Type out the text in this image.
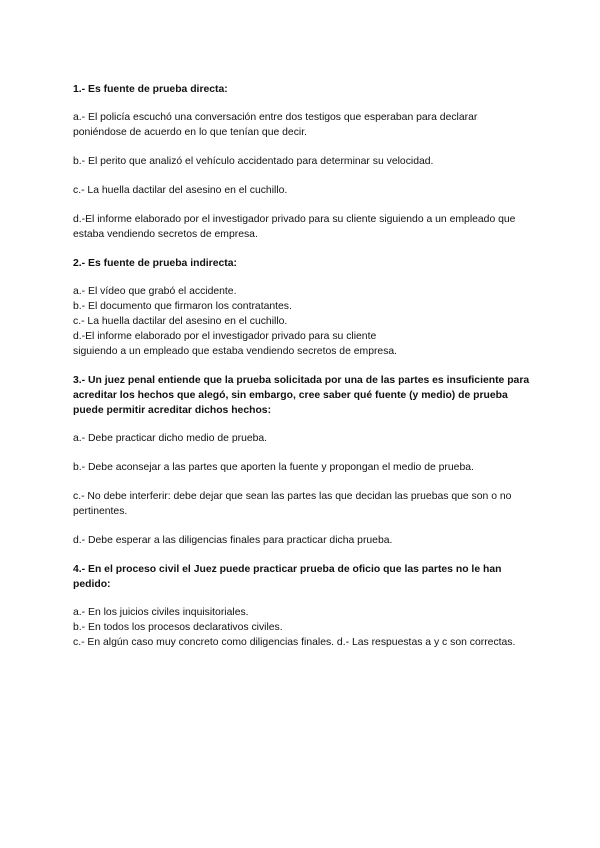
1.- Es fuente de prueba directa:

a.- El policía escuchó una conversación entre dos testigos que esperaban para declarar poniéndose de acuerdo en lo que tenían que decir.

b.- El perito que analizó el vehículo accidentado para determinar su velocidad.

c.- La huella dactilar del asesino en el cuchillo.

d.-El informe elaborado por el investigador privado para su cliente siguiendo a un empleado que estaba vendiendo secretos de empresa.

2.- Es fuente de prueba indirecta:

a.- El vídeo que grabó el accidente.

b.- El documento que firmaron los contratantes.

c.- La huella dactilar del asesino en el cuchillo.

d.-El informe elaborado por el investigador privado para su cliente

siguiendo a un empleado que estaba vendiendo secretos de empresa.

3.- Un juez penal entiende que la prueba solicitada por una de las partes es insuficiente para acreditar los hechos que alegó, sin embargo, cree saber qué fuente (y medio) de prueba puede permitir acreditar dichos hechos:

a.- Debe practicar dicho medio de prueba.

b.- Debe aconsejar a las partes que aporten la fuente y propongan el medio de prueba.

c.- No debe interferir: debe dejar que sean las partes las que decidan las pruebas que son o no pertinentes.

d.- Debe esperar a las diligencias finales para practicar dicha prueba.

4.- En el proceso civil el Juez puede practicar prueba de oficio que las partes no le han pedido:

a.- En los juicios civiles inquisitoriales.

b.- En todos los procesos declarativos civiles.

c.- En algún caso muy concreto como diligencias finales. d.- Las respuestas a y c son correctas.
